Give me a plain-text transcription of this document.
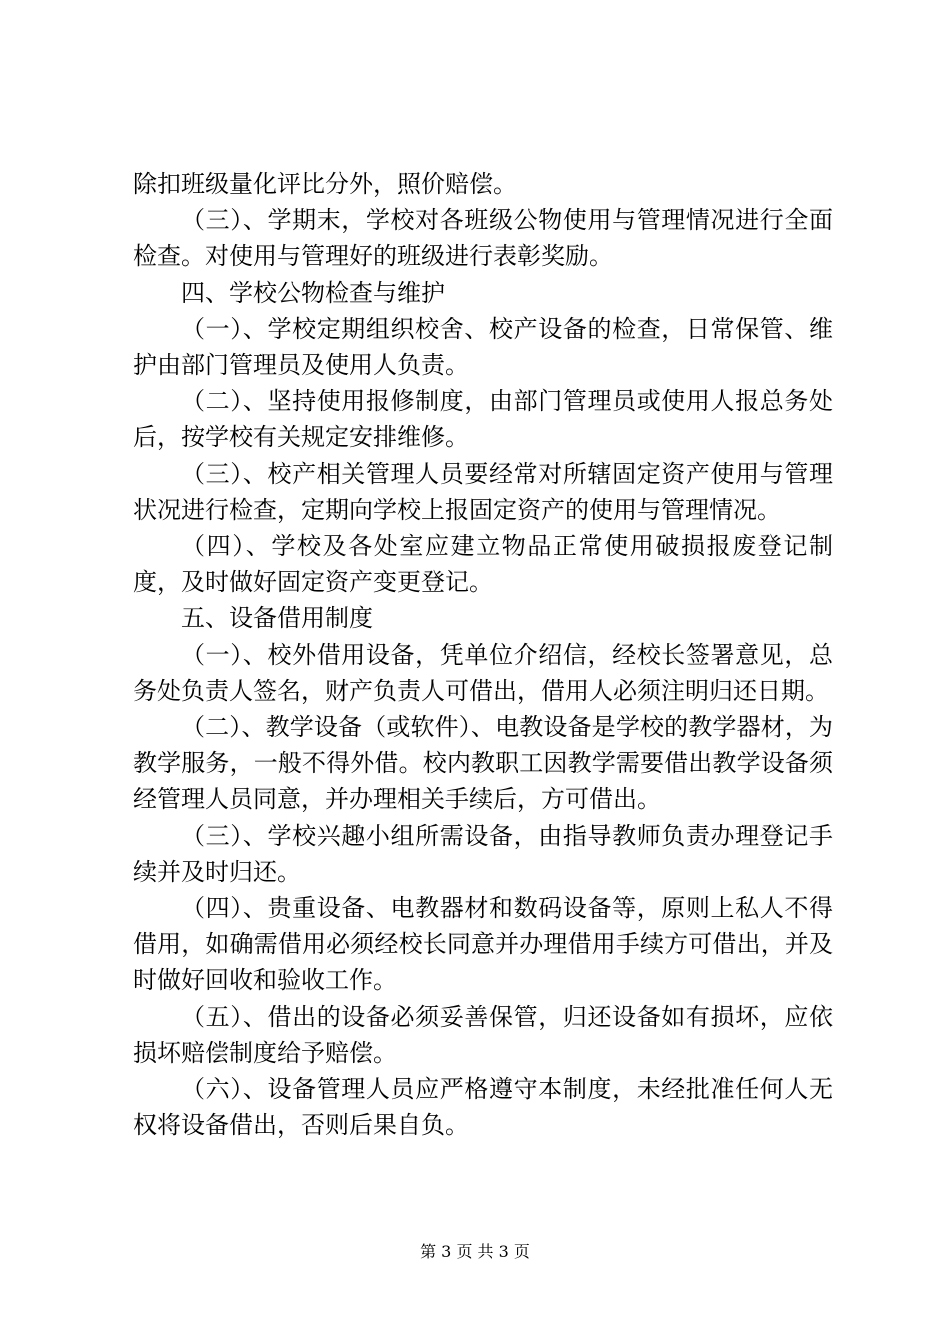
除扣班级量化评比分外，照价赔偿。

（三）、学期末，学校对各班级公物使用与管理情况进行全面检查。对使用与管理好的班级进行表彰奖励。

四、学校公物检查与维护

（一）、学校定期组织校舍、校产设备的检查，日常保管、维护由部门管理员及使用人负责。

（二）、坚持使用报修制度，由部门管理员或使用人报总务处后，按学校有关规定安排维修。

（三）、校产相关管理人员要经常对所辖固定资产使用与管理状况进行检查，定期向学校上报固定资产的使用与管理情况。

（四）、学校及各处室应建立物品正常使用破损报废登记制度，及时做好固定资产变更登记。

五、设备借用制度

（一）、校外借用设备，凭单位介绍信，经校长签署意见，总务处负责人签名，财产负责人可借出，借用人必须注明归还日期。

（二）、教学设备（或软件）、电教设备是学校的教学器材，为教学服务，一般不得外借。校内教职工因教学需要借出教学设备须经管理人员同意，并办理相关手续后，方可借出。

（三）、学校兴趣小组所需设备，由指导教师负责办理登记手续并及时归还。

（四）、贵重设备、电教器材和数码设备等，原则上私人不得借用，如确需借用必须经校长同意并办理借用手续方可借出，并及时做好回收和验收工作。

（五）、借出的设备必须妥善保管，归还设备如有损坏，应依损坏赔偿制度给予赔偿。

（六）、设备管理人员应严格遵守本制度，未经批准任何人无权将设备借出，否则后果自负。

第 3 页 共 3 页
